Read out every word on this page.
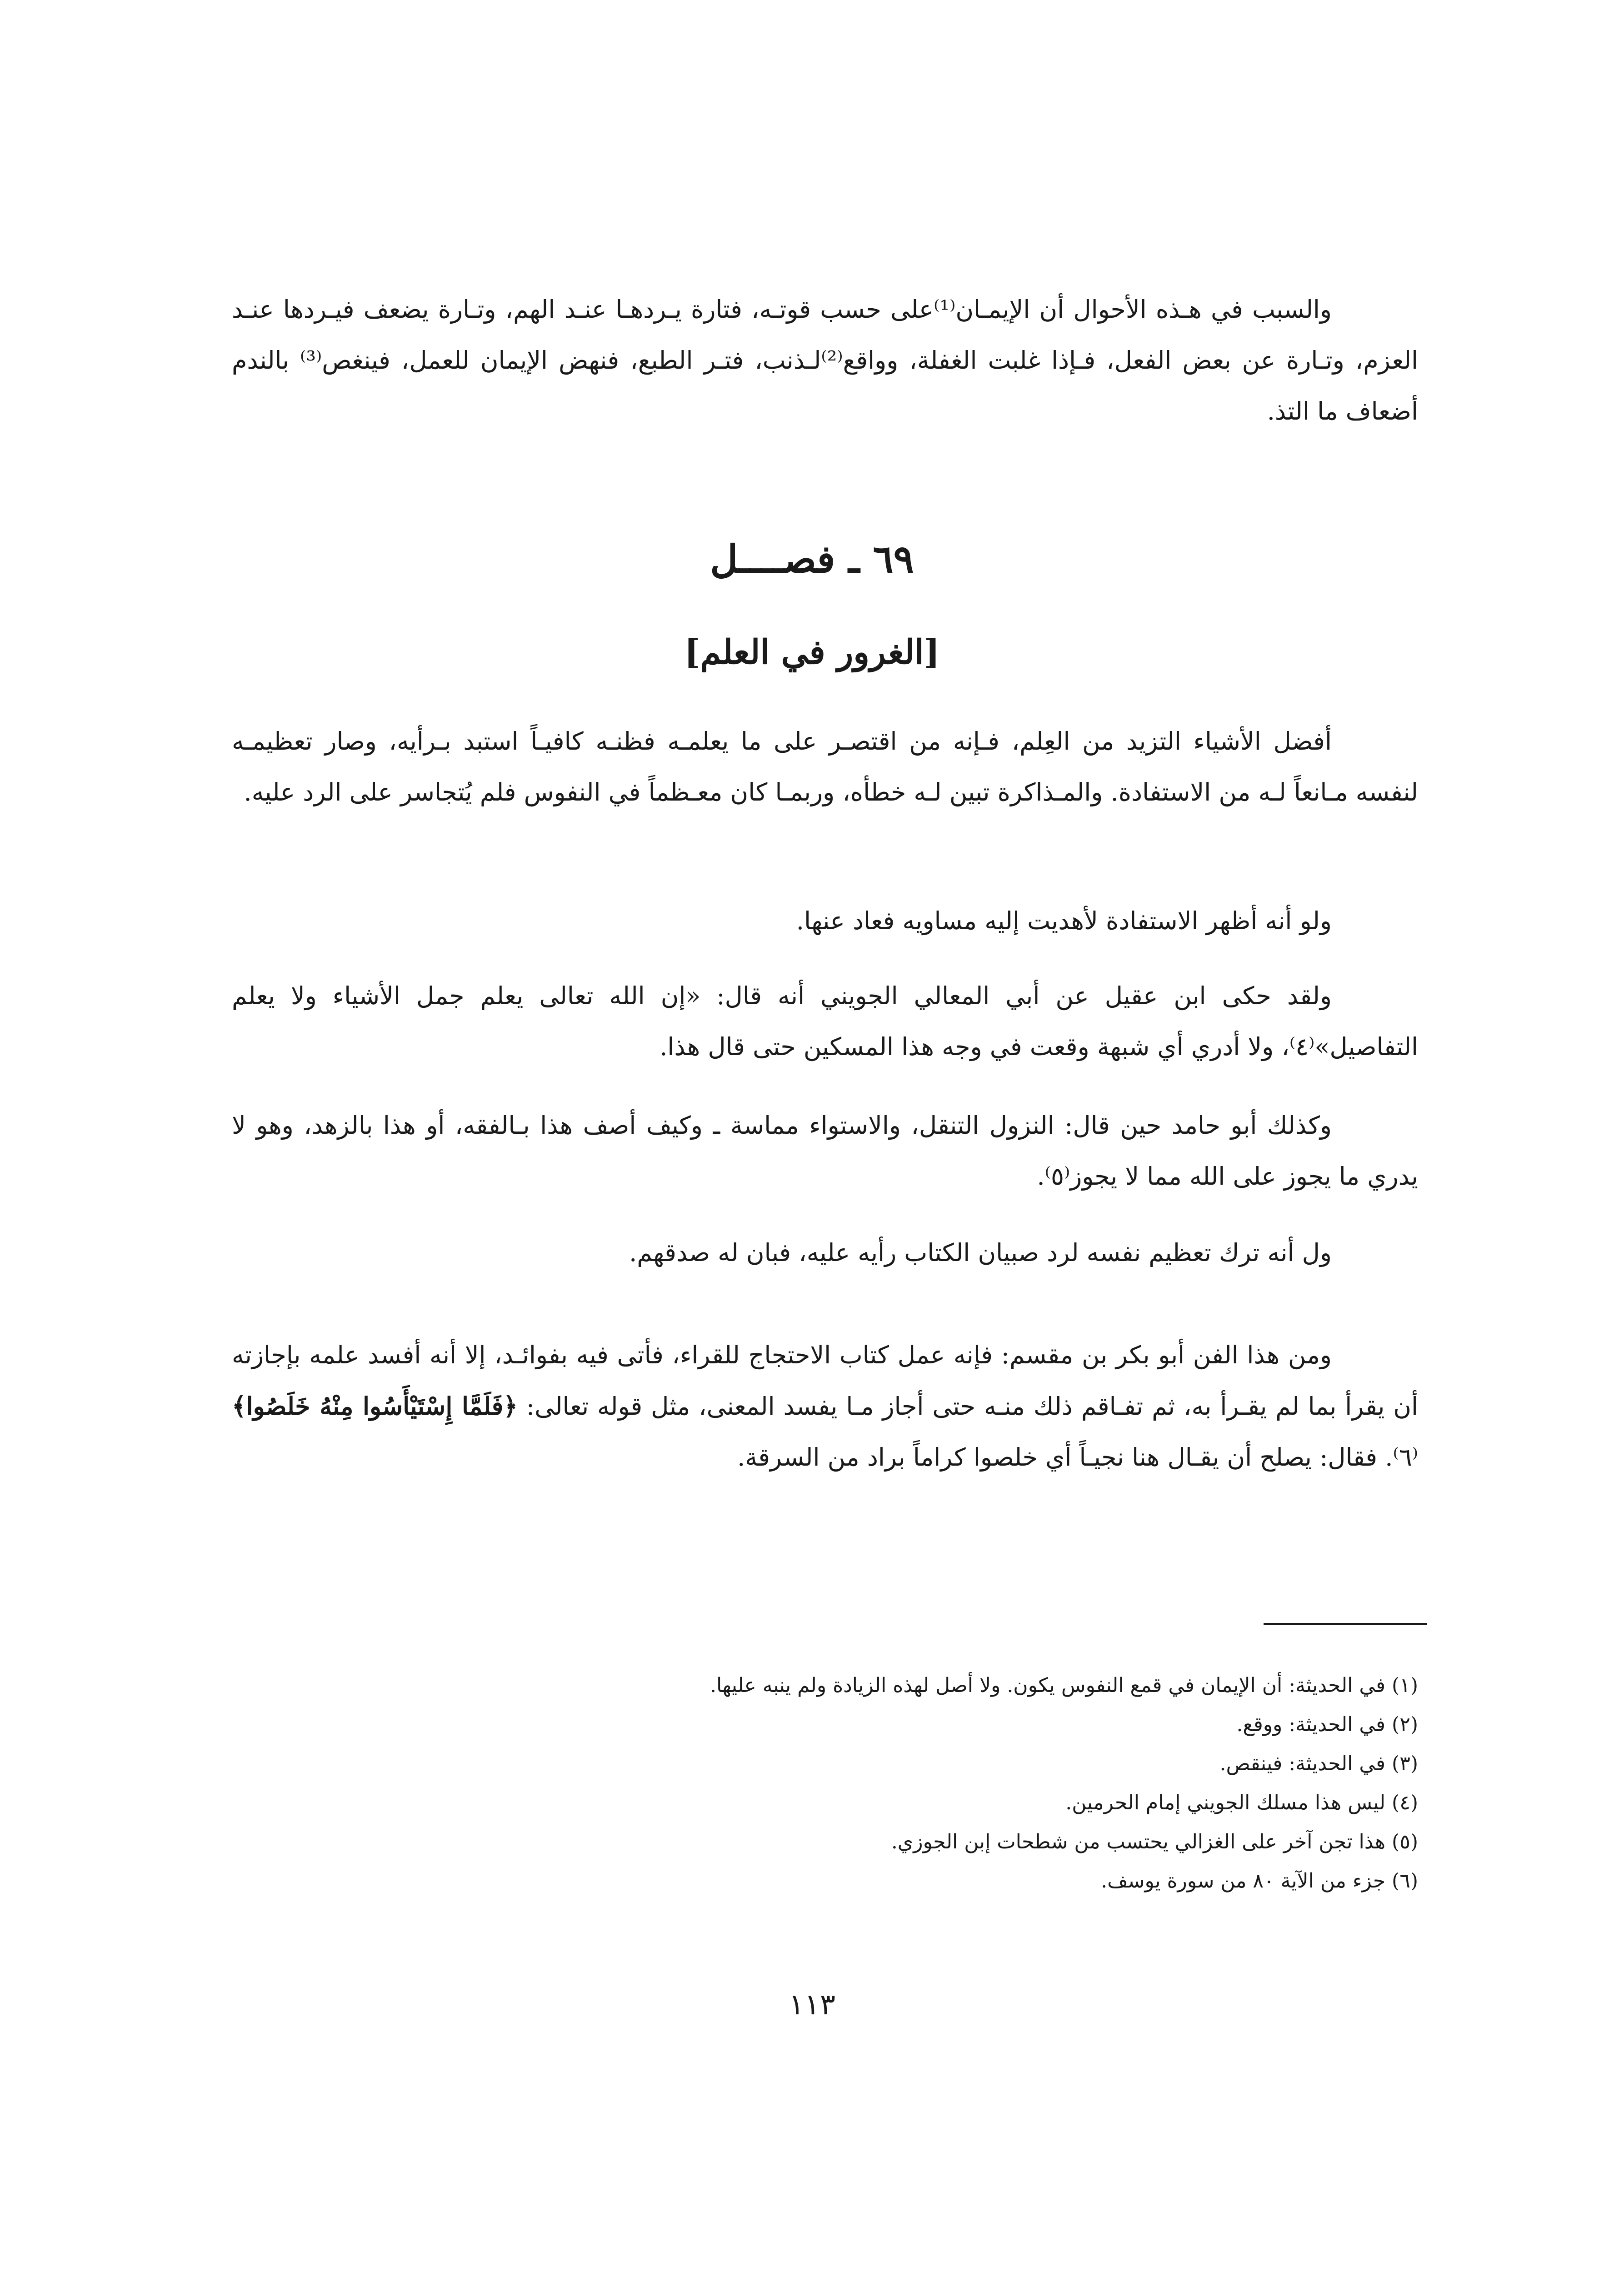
والسبب في هـذه الأحوال أن الإيمـان⁽¹⁾على حسب قوتـه، فتارة يـردهـا عنـد الهم، وتـارة يضعف فيـردها عنـد العزم، وتـارة عن بعض الفعل، فـإذا غلبت الغفلة، وواقع⁽²⁾لـذنب، فتـر الطبع، فنهض الإيمان للعمل، فينغص⁽³⁾ بالندم أضعاف ما التذ.

٦٩ ـ فصــــل
[الغرور في العلم]

أفضل الأشياء التزيد من العِلم، فـإنه من اقتصـر على ما يعلمـه فظنـه كافيـاً استبد بـرأيه، وصار تعظيمـه لنفسه مـانعاً لـه من الاستفادة. والمـذاكرة تبين لـه خطأه، وربمـا كان معـظماً في النفوس فلم يُتجاسر على الرد عليه.

ولو أنه أظهر الاستفادة لأهديت إليه مساويه فعاد عنها.

ولقد حكى ابن عقيل عن أبي المعالي الجويني أنه قال: «إن الله تعالى يعلم جمل الأشياء ولا يعلم التفاصيل»⁽٤⁾، ولا أدري أي شبهة وقعت في وجه هذا المسكين حتى قال هذا.

وكذلك أبو حامد حين قال: النزول التنقل، والاستواء مماسة ـ وكيف أصف هذا بـالفقه، أو هذا بالزهد، وهو لا يدري ما يجوز على الله مما لا يجوز⁽٥⁾.

ول أنه ترك تعظيم نفسه لرد صبيان الكتاب رأيه عليه، فبان له صدقهم.

ومن هذا الفن أبو بكر بن مقسم: فإنه عمل كتاب الاحتجاج للقراء، فأتى فيه بفوائـد، إلا أنه أفسد علمه بإجازته أن يقرأ بما لم يقـرأ به، ثم تفـاقم ذلك منـه حتى أجاز مـا يفسد المعنى، مثل قوله تعالى: ﴿فَلَمَّا إِسْتَيْأَسُوا مِنْهُ خَلَصُوا﴾⁽٦⁾. فقال: يصلح أن يقـال هنا نجيـاً أي خلصوا كراماً براد من السرقة.

(١) في الحديثة: أن الإيمان في قمع النفوس يكون. ولا أصل لهذه الزيادة ولم ينبه عليها.
(٢) في الحديثة: ووقع.
(٣) في الحديثة: فينقص.
(٤) ليس هذا مسلك الجويني إمام الحرمين.
(٥) هذا تجن آخر على الغزالي يحتسب من شطحات إبن الجوزي.
(٦) جزء من الآية ٨٠ من سورة يوسف.
١١٣
